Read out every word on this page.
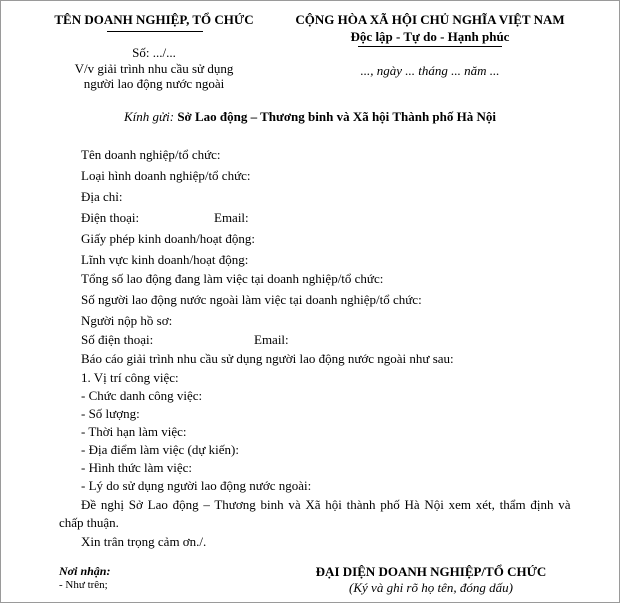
TÊN DOANH NGHIỆP, TỔ CHỨC
Số: .../...
V/v giải trình nhu cầu sử dụng
người lao động nước ngoài
CỘNG HÒA XÃ HỘI CHỦ NGHĨA VIỆT NAM
Độc lập - Tự do - Hạnh phúc
..., ngày ... tháng ... năm ...
Kính gửi: Sở Lao động – Thương binh và Xã hội Thành phố Hà Nội
Tên doanh nghiệp/tổ chức:
Loại hình doanh nghiệp/tổ chức:
Địa chỉ:
Điện thoại:	Email:
Giấy phép kinh doanh/hoạt động:
Lĩnh vực kinh doanh/hoạt động:
Tổng số lao động đang làm việc tại doanh nghiệp/tổ chức:
Số người lao động nước ngoài làm việc tại doanh nghiệp/tổ chức:
Người nộp hồ sơ:
Số điện thoại:	Email:
Báo cáo giải trình nhu cầu sử dụng người lao động nước ngoài như sau:
1. Vị trí công việc:
- Chức danh công việc:
- Số lượng:
- Thời hạn làm việc:
- Địa điểm làm việc (dự kiến):
- Hình thức làm việc:
- Lý do sử dụng người lao động nước ngoài:
Đề nghị Sở Lao động – Thương binh và Xã hội thành phố Hà Nội xem xét, thẩm định và
chấp thuận.
Xin trân trọng cảm ơn./.
Nơi nhận:
- Như trên;
ĐẠI DIỆN DOANH NGHIỆP/TỔ CHỨC
(Ký và ghi rõ họ tên, đóng dấu)
